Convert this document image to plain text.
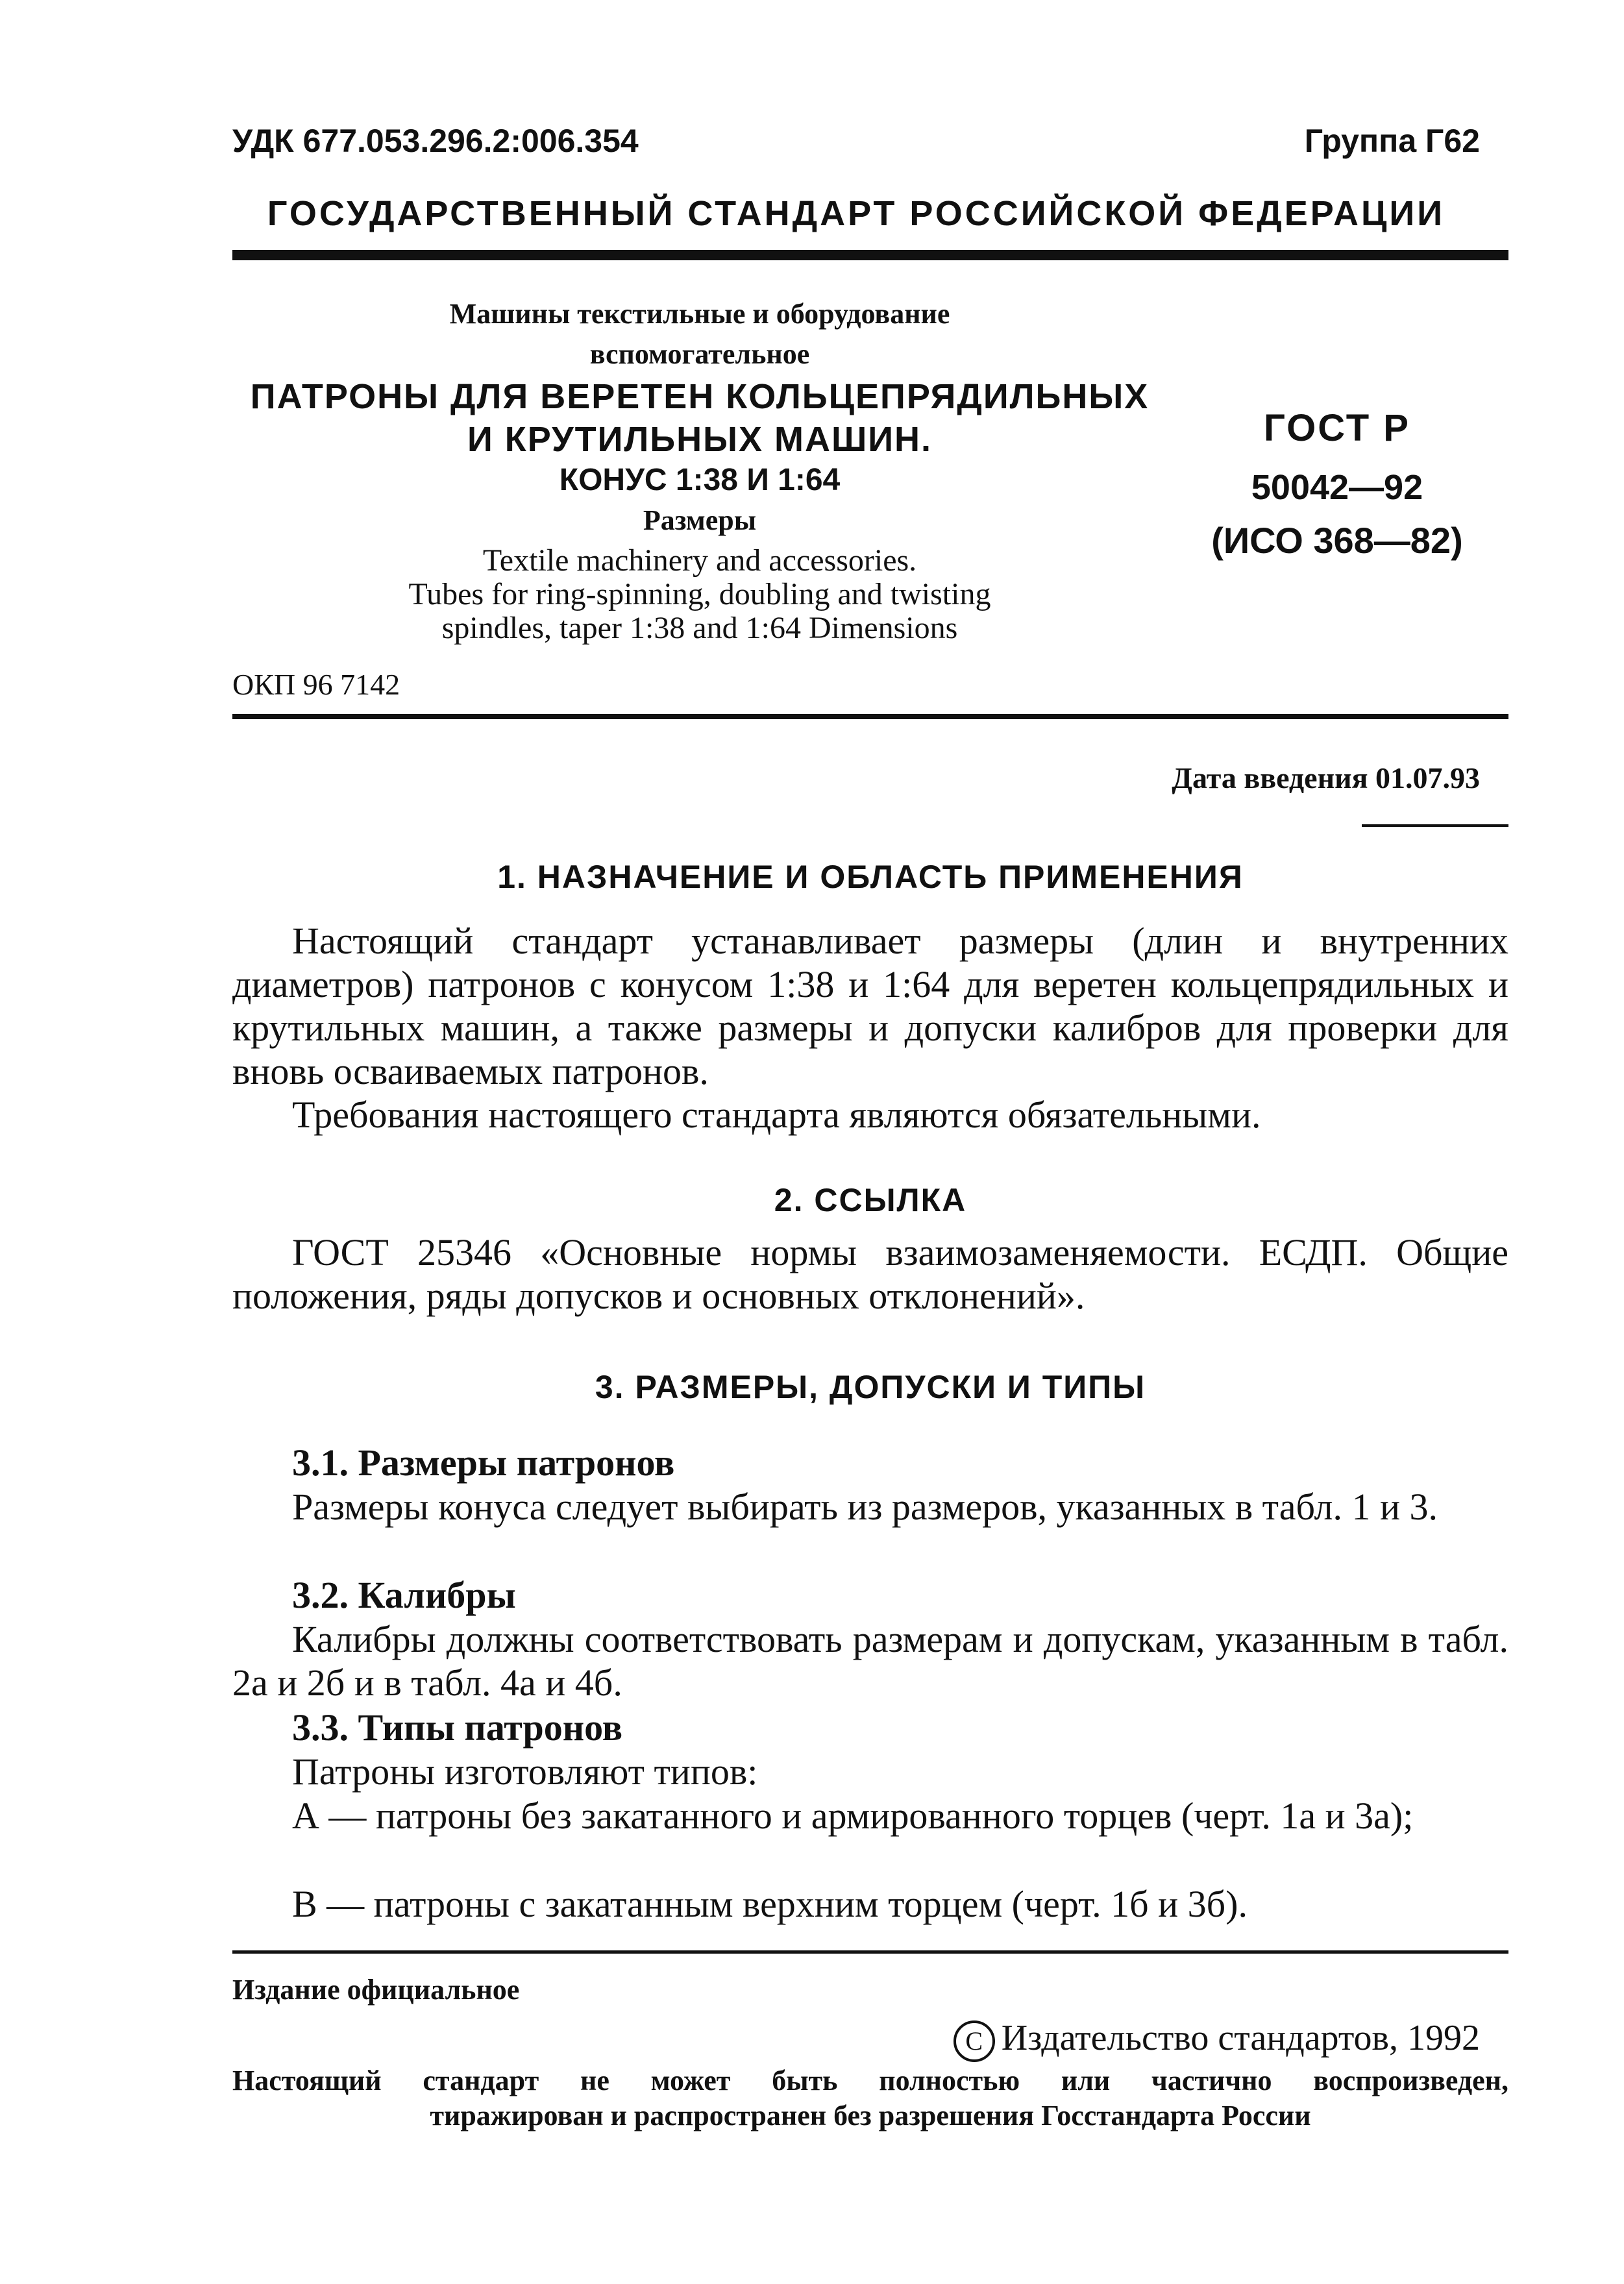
УДК 677.053.296.2:006.354	Группа Г62
ГОСУДАРСТВЕННЫЙ СТАНДАРТ РОССИЙСКОЙ ФЕДЕРАЦИИ
Машины текстильные и оборудование
вспомогательное
ПАТРОНЫ ДЛЯ ВЕРЕТЕН КОЛЬЦЕПРЯДИЛЬНЫХ
И КРУТИЛЬНЫХ МАШИН.
КОНУС 1:38 И 1:64
Размеры
Textile machinery and accessories.
Tubes for ring-spinning, doubling and twisting
spindles, taper 1:38 and 1:64 Dimensions
ГОСТ Р
50042—92
(ИСО 368—82)
ОКП 96 7142
Дата введения 01.07.93
1. НАЗНАЧЕНИЕ И ОБЛАСТЬ ПРИМЕНЕНИЯ
Настоящий стандарт устанавливает размеры (длин и внутренних диаметров) патронов с конусом 1:38 и 1:64 для веретен кольцепрядильных и крутильных машин, а также размеры и допуски калибров для проверки для вновь осваиваемых патронов.
Требования настоящего стандарта являются обязательными.
2. ССЫЛКА
ГОСТ 25346 «Основные нормы взаимозаменяемости. ЕСДП. Общие положения, ряды допусков и основных отклонений».
3. РАЗМЕРЫ, ДОПУСКИ И ТИПЫ
3.1. Размеры патронов
Размеры конуса следует выбирать из размеров, указанных в табл. 1 и 3.
3.2. Калибры
Калибры должны соответствовать размерам и допускам, указанным в табл. 2а и 2б и в табл. 4а и 4б.
3.3. Типы патронов
Патроны изготовляют типов:
А — патроны без закатанного и армированного торцев (черт. 1а и 3а);
В — патроны с закатанным верхним торцем (черт. 1б и 3б).
Издание официальное
С Издательство стандартов, 1992
Настоящий стандарт не может быть полностью или частично воспроизведен,
тиражирован и распространен без разрешения Госстандарта России
